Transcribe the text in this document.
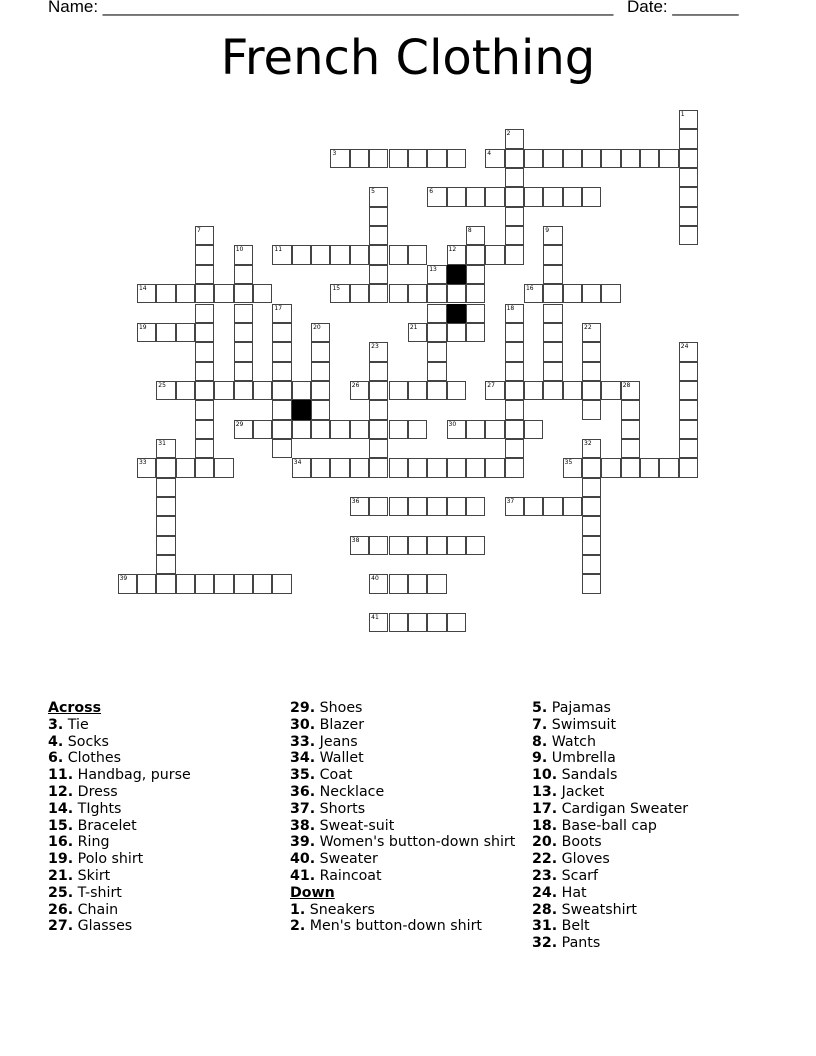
Name: ______________________________________________________ Date: _______
French Clothing
1
2
3	4
5	6
7	8	9
10	11	12
13
14	15	16
17	18
19	20	21	22
23	24
25	26	27	28
29	30
31	32
33	34	35
36	37
38
39	40
41
Across
3. Tie
4. Socks
6. Clothes
11. Handbag, purse
12. Dress
14. TIghts
15. Bracelet
16. Ring
19. Polo shirt
21. Skirt
25. T-shirt
26. Chain
27. Glasses
29. Shoes
30. Blazer
33. Jeans
34. Wallet
35. Coat
36. Necklace
37. Shorts
38. Sweat-suit
39. Women's button-down shirt
40. Sweater
41. Raincoat
Down
1. Sneakers
2. Men's button-down shirt
5. Pajamas
7. Swimsuit
8. Watch
9. Umbrella
10. Sandals
13. Jacket
17. Cardigan Sweater
18. Base-ball cap
20. Boots
22. Gloves
23. Scarf
24. Hat
28. Sweatshirt
31. Belt
32. Pants
